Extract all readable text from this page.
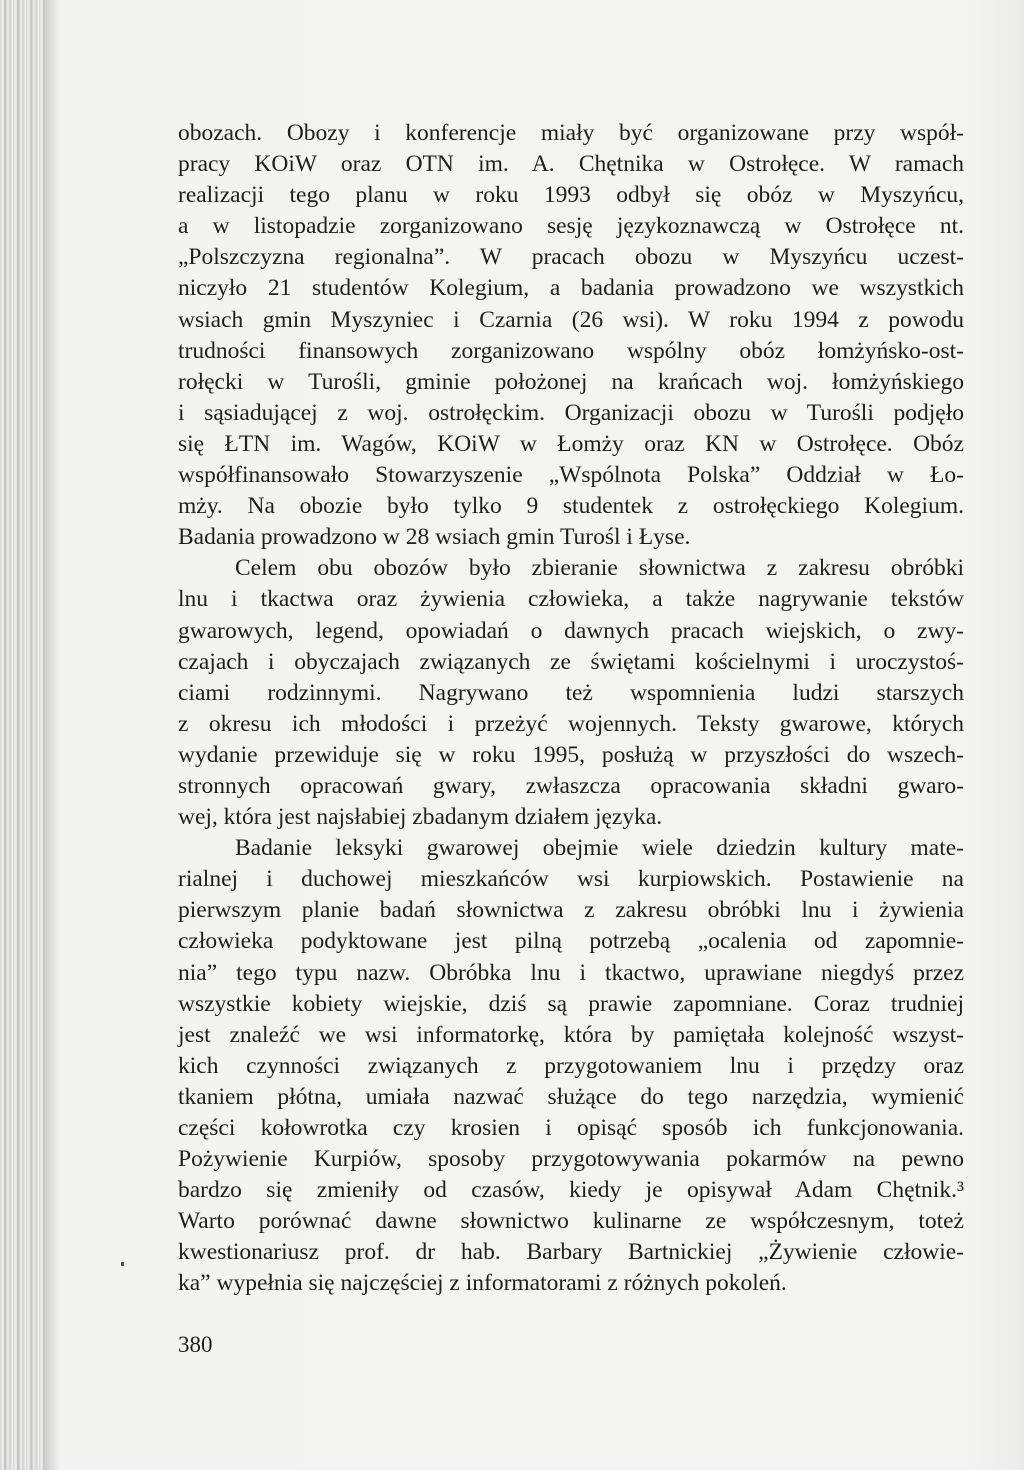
obozach. Obozy i konferencje miały być organizowane przy współ-
pracy KOiW oraz OTN im. A. Chętnika w Ostrołęce. W ramach
realizacji tego planu w roku 1993 odbył się obóz w Myszyńcu,
a w listopadzie zorganizowano sesję językoznawczą w Ostrołęce nt.
„Polszczyzna regionalna”. W pracach obozu w Myszyńcu uczest-
niczyło 21 studentów Kolegium, a badania prowadzono we wszystkich
wsiach gmin Myszyniec i Czarnia (26 wsi). W roku 1994 z powodu
trudności finansowych zorganizowano wspólny obóz łomżyńsko-ost-
rołęcki w Turośli, gminie położonej na krańcach woj. łomżyńskiego
i sąsiadującej z woj. ostrołęckim. Organizacji obozu w Turośli podjęło
się ŁTN im. Wagów, KOiW w Łomży oraz KN w Ostrołęce. Obóz
współfinansowało Stowarzyszenie „Wspólnota Polska” Oddział w Ło-
mży. Na obozie było tylko 9 studentek z ostrołęckiego Kolegium.
Badania prowadzono w 28 wsiach gmin Turośl i Łyse.
Celem obu obozów było zbieranie słownictwa z zakresu obróbki
lnu i tkactwa oraz żywienia człowieka, a także nagrywanie tekstów
gwarowych, legend, opowiadań o dawnych pracach wiejskich, o zwy-
czajach i obyczajach związanych ze świętami kościelnymi i uroczystoś-
ciami rodzinnymi. Nagrywano też wspomnienia ludzi starszych
z okresu ich młodości i przeżyć wojennych. Teksty gwarowe, których
wydanie przewiduje się w roku 1995, posłużą w przyszłości do wszech-
stronnych opracowań gwary, zwłaszcza opracowania składni gwaro-
wej, która jest najsłabiej zbadanym działem języka.
Badanie leksyki gwarowej obejmie wiele dziedzin kultury mate-
rialnej i duchowej mieszkańców wsi kurpiowskich. Postawienie na
pierwszym planie badań słownictwa z zakresu obróbki lnu i żywienia
człowieka podyktowane jest pilną potrzebą „ocalenia od zapomnie-
nia” tego typu nazw. Obróbka lnu i tkactwo, uprawiane niegdyś przez
wszystkie kobiety wiejskie, dziś są prawie zapomniane. Coraz trudniej
jest znaleźć we wsi informatorkę, która by pamiętała kolejność wszyst-
kich czynności związanych z przygotowaniem lnu i przędzy oraz
tkaniem płótna, umiała nazwać służące do tego narzędzia, wymienić
części kołowrotka czy krosien i opisąć sposób ich funkcjonowania.
Pożywienie Kurpiów, sposoby przygotowywania pokarmów na pewno
bardzo się zmieniły od czasów, kiedy je opisywał Adam Chętnik.³
Warto porównać dawne słownictwo kulinarne ze współczesnym, toteż
kwestionariusz prof. dr hab. Barbary Bartnickiej „Żywienie człowie-
ka” wypełnia się najczęściej z informatorami z różnych pokoleń.
380
